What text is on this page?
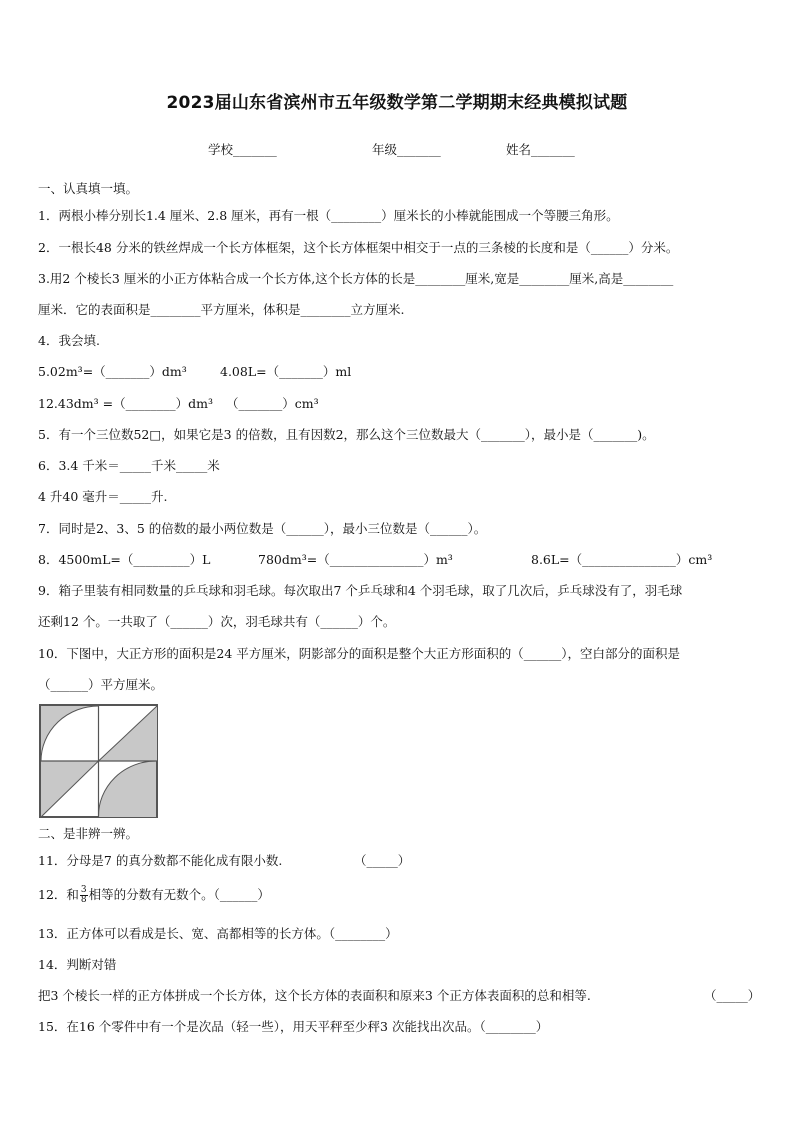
2023届山东省滨州市五年级数学第二学期期末经典模拟试题
学校_______	年级_______	姓名_______
一、认真填一填。
1．两根小棒分别长1.4 厘米、2.8 厘米，再有一根（________）厘米长的小棒就能围成一个等腰三角形。
2．一根长48 分米的铁丝焊成一个长方体框架，这个长方体框架中相交于一点的三条棱的长度和是（______）分米。
3.用2 个棱长3 厘米的小正方体粘合成一个长方体,这个长方体的长是________厘米,宽是________厘米,高是________
厘米．它的表面积是________平方厘米，体积是________立方厘米.
4．我会填.
5.02m³=（_______）dm³	4.08L=（_______）ml
12.43dm³ =（________）dm³ （_______）cm³
5．有一个三位数52□，如果它是3 的倍数，且有因数2，那么这个三位数最大（_______），最小是（_______)。
6．3.4 千米＝_____千米_____米
4 升40 毫升＝_____升.
7．同时是2、3、5 的倍数的最小两位数是（______），最小三位数是（______）。
8．4500mL=（_________）L	780dm³=（_______________）m³	8.6L=（_______________）cm³
9．箱子里装有相同数量的乒乓球和羽毛球。每次取出7 个乒乓球和4 个羽毛球，取了几次后，乒乓球没有了，羽毛球
还剩12 个。一共取了（______）次，羽毛球共有（______）个。
10．下图中，大正方形的面积是24 平方厘米，阴影部分的面积是整个大正方形面积的（______），空白部分的面积是
（______）平方厘米。
二、是非辨一辨。
11．分母是7 的真分数都不能化成有限小数.	（_____）
12．和 $\frac{3}{8}$ 相等的分数有无数个。（______）
13．正方体可以看成是长、宽、高都相等的长方体。（________）
14．判断对错
把3 个棱长一样的正方体拼成一个长方体，这个长方体的表面积和原来3 个正方体表面积的总和相等.	（_____）
15．在16 个零件中有一个是次品（轻一些），用天平秤至少秤3 次能找出次品。（________）
